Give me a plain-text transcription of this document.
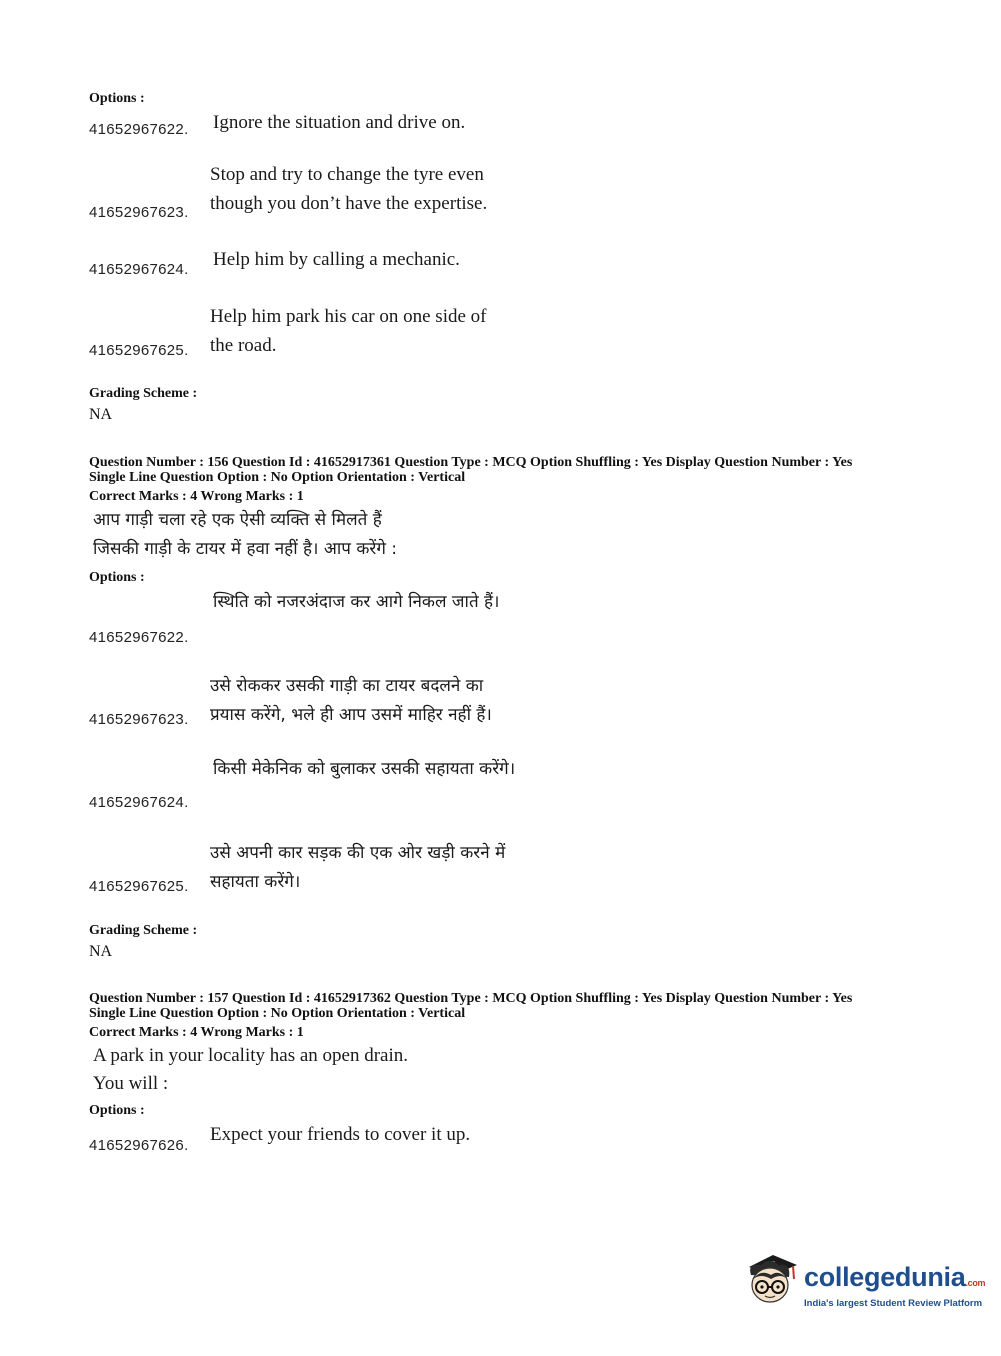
Options :
41652967622. Ignore the situation and drive on.
Stop and try to change the tyre even though you don’t have the expertise.
41652967623.
41652967624. Help him by calling a mechanic.
Help him park his car on one side of the road.
41652967625.
Grading Scheme :
NA
Question Number : 156 Question Id : 41652917361 Question Type : MCQ Option Shuffling : Yes Display Question Number : Yes
Single Line Question Option : No Option Orientation : Vertical
Correct Marks : 4 Wrong Marks : 1
आप गाड़ी चला रहे एक ऐसी व्यक्ति से मिलते हैं
जिसकी गाड़ी के टायर में हवा नहीं है। आप करेंगे :
Options :
स्थिति को नजरअंदाज कर आगे निकल जाते हैं।
41652967622.
उसे रोककर उसकी गाड़ी का टायर बदलने का प्रयास करेंगे, भले ही आप उसमें माहिर नहीं हैं।
41652967623.
किसी मेकेनिक को बुलाकर उसकी सहायता करेंगे।
41652967624.
उसे अपनी कार सड़क की एक ओर खड़ी करने में सहायता करेंगे।
41652967625.
Grading Scheme :
NA
Question Number : 157 Question Id : 41652917362 Question Type : MCQ Option Shuffling : Yes Display Question Number : Yes
Single Line Question Option : No Option Orientation : Vertical
Correct Marks : 4 Wrong Marks : 1
A park in your locality has an open drain.
You will :
Options :
Expect your friends to cover it up.
41652967626.
collegedunia.com
India's largest Student Review Platform
